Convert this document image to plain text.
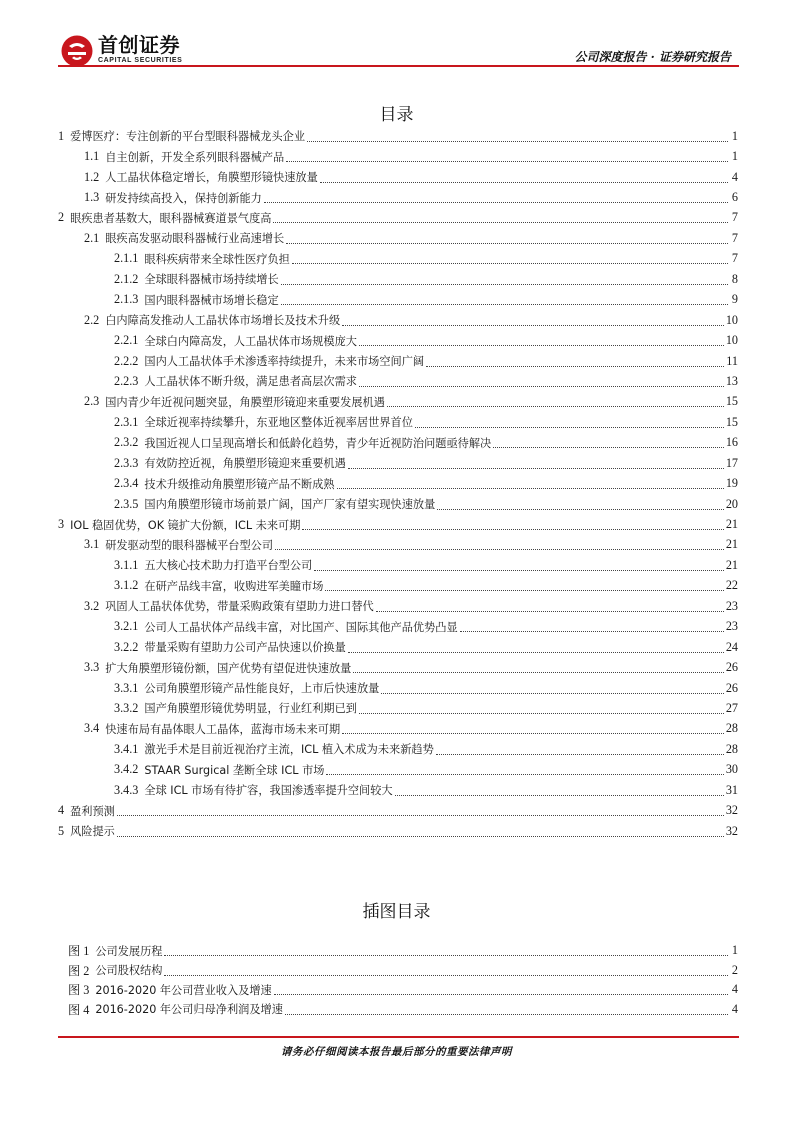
首创证券
CAPITAL SECURITIES	公司深度报告 · 证券研究报告
目录
1 爱博医疗：专注创新的平台型眼科器械龙头企业	1
1.1 自主创新，开发全系列眼科器械产品	1
1.2 人工晶状体稳定增长，角膜塑形镜快速放量	4
1.3 研发持续高投入，保持创新能力	6
2 眼疾患者基数大，眼科器械赛道景气度高	7
2.1 眼疾高发驱动眼科器械行业高速增长	7
2.1.1 眼科疾病带来全球性医疗负担	7
2.1.2 全球眼科器械市场持续增长	8
2.1.3 国内眼科器械市场增长稳定	9
2.2 白内障高发推动人工晶状体市场增长及技术升级	10
2.2.1 全球白内障高发，人工晶状体市场规模庞大	10
2.2.2 国内人工晶状体手术渗透率持续提升，未来市场空间广阔	11
2.2.3 人工晶状体不断升级，满足患者高层次需求	13
2.3 国内青少年近视问题突显，角膜塑形镜迎来重要发展机遇	15
2.3.1 全球近视率持续攀升，东亚地区整体近视率居世界首位	15
2.3.2 我国近视人口呈现高增长和低龄化趋势，青少年近视防治问题亟待解决	16
2.3.3 有效防控近视，角膜塑形镜迎来重要机遇	17
2.3.4 技术升级推动角膜塑形镜产品不断成熟	19
2.3.5 国内角膜塑形镜市场前景广阔，国产厂家有望实现快速放量	20
3 IOL 稳固优势，OK 镜扩大份额，ICL 未来可期	21
3.1 研发驱动型的眼科器械平台型公司	21
3.1.1 五大核心技术助力打造平台型公司	21
3.1.2 在研产品线丰富，收购进军美瞳市场	22
3.2 巩固人工晶状体优势，带量采购政策有望助力进口替代	23
3.2.1 公司人工晶状体产品线丰富，对比国产、国际其他产品优势凸显	23
3.2.2 带量采购有望助力公司产品快速以价换量	24
3.3 扩大角膜塑形镜份额，国产优势有望促进快速放量	26
3.3.1 公司角膜塑形镜产品性能良好，上市后快速放量	26
3.3.2 国产角膜塑形镜优势明显，行业红利期已到	27
3.4 快速布局有晶体眼人工晶体，蓝海市场未来可期	28
3.4.1 激光手术是目前近视治疗主流，ICL 植入术成为未来新趋势	28
3.4.2 STAAR Surgical 垄断全球 ICL 市场	30
3.4.3 全球 ICL 市场有待扩容，我国渗透率提升空间较大	31
4 盈利预测	32
5 风险提示	32
插图目录
图 1 公司发展历程	1
图 2 公司股权结构	2
图 3 2016-2020 年公司营业收入及增速	4
图 4 2016-2020 年公司归母净利润及增速	4
请务必仔细阅读本报告最后部分的重要法律声明
